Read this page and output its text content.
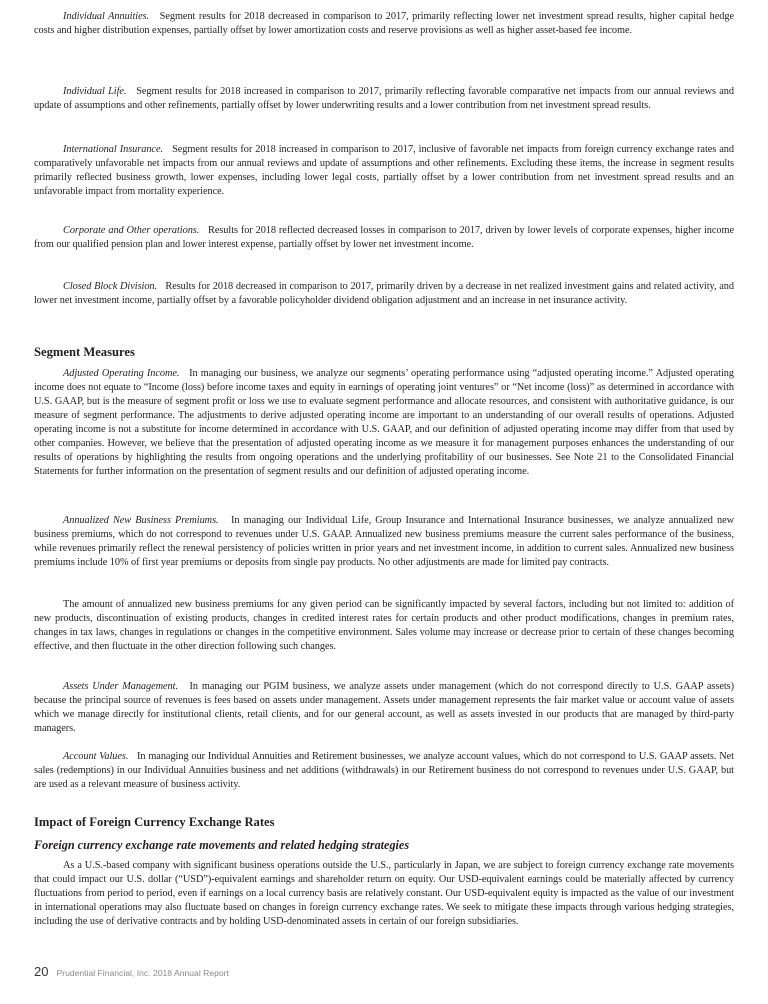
Individual Annuities. Segment results for 2018 decreased in comparison to 2017, primarily reflecting lower net investment spread results, higher capital hedge costs and higher distribution expenses, partially offset by lower amortization costs and reserve provisions as well as higher asset-based fee income.

Individual Life. Segment results for 2018 increased in comparison to 2017, primarily reflecting favorable comparative net impacts from our annual reviews and update of assumptions and other refinements, partially offset by lower underwriting results and a lower contribution from net investment spread results.

International Insurance. Segment results for 2018 increased in comparison to 2017, inclusive of favorable net impacts from foreign currency exchange rates and comparatively unfavorable net impacts from our annual reviews and update of assumptions and other refinements. Excluding these items, the increase in segment results primarily reflected business growth, lower expenses, including lower legal costs, partially offset by a lower contribution from net investment spread results and an unfavorable impact from mortality experience.

Corporate and Other operations. Results for 2018 reflected decreased losses in comparison to 2017, driven by lower levels of corporate expenses, higher income from our qualified pension plan and lower interest expense, partially offset by lower net investment income.

Closed Block Division. Results for 2018 decreased in comparison to 2017, primarily driven by a decrease in net realized investment gains and related activity, and lower net investment income, partially offset by a favorable policyholder dividend obligation adjustment and an increase in net insurance activity.

Segment Measures

Adjusted Operating Income. In managing our business, we analyze our segments’ operating performance using “adjusted operating income.” Adjusted operating income does not equate to “Income (loss) before income taxes and equity in earnings of operating joint ventures” or “Net income (loss)” as determined in accordance with U.S. GAAP, but is the measure of segment profit or loss we use to evaluate segment performance and allocate resources, and consistent with authoritative guidance, is our measure of segment performance. The adjustments to derive adjusted operating income are important to an understanding of our overall results of operations. Adjusted operating income is not a substitute for income determined in accordance with U.S. GAAP, and our definition of adjusted operating income may differ from that used by other companies. However, we believe that the presentation of adjusted operating income as we measure it for management purposes enhances the understanding of our results of operations by highlighting the results from ongoing operations and the underlying profitability of our businesses. See Note 21 to the Consolidated Financial Statements for further information on the presentation of segment results and our definition of adjusted operating income.

Annualized New Business Premiums. In managing our Individual Life, Group Insurance and International Insurance businesses, we analyze annualized new business premiums, which do not correspond to revenues under U.S. GAAP. Annualized new business premiums measure the current sales performance of the business, while revenues primarily reflect the renewal persistency of policies written in prior years and net investment income, in addition to current sales. Annualized new business premiums include 10% of first year premiums or deposits from single pay products. No other adjustments are made for limited pay contracts.

The amount of annualized new business premiums for any given period can be significantly impacted by several factors, including but not limited to: addition of new products, discontinuation of existing products, changes in credited interest rates for certain products and other product modifications, changes in premium rates, changes in tax laws, changes in regulations or changes in the competitive environment. Sales volume may increase or decrease prior to certain of these changes becoming effective, and then fluctuate in the other direction following such changes.

Assets Under Management. In managing our PGIM business, we analyze assets under management (which do not correspond directly to U.S. GAAP assets) because the principal source of revenues is fees based on assets under management. Assets under management represents the fair market value or account value of assets which we manage directly for institutional clients, retail clients, and for our general account, as well as assets invested in our products that are managed by third-party managers.

Account Values. In managing our Individual Annuities and Retirement businesses, we analyze account values, which do not correspond to U.S. GAAP assets. Net sales (redemptions) in our Individual Annuities business and net additions (withdrawals) in our Retirement business do not correspond to revenues under U.S. GAAP, but are used as a relevant measure of business activity.

Impact of Foreign Currency Exchange Rates
Foreign currency exchange rate movements and related hedging strategies

As a U.S.-based company with significant business operations outside the U.S., particularly in Japan, we are subject to foreign currency exchange rate movements that could impact our U.S. dollar (“USD”)-equivalent earnings and shareholder return on equity. Our USD-equivalent earnings could be materially affected by currency fluctuations from period to period, even if earnings on a local currency basis are relatively constant. Our USD-equivalent equity is impacted as the value of our investment in international operations may also fluctuate based on changes in foreign currency exchange rates. We seek to mitigate these impacts through various hedging strategies, including the use of derivative contracts and by holding USD-denominated assets in certain of our foreign subsidiaries.

20 Prudential Financial, Inc. 2018 Annual Report
